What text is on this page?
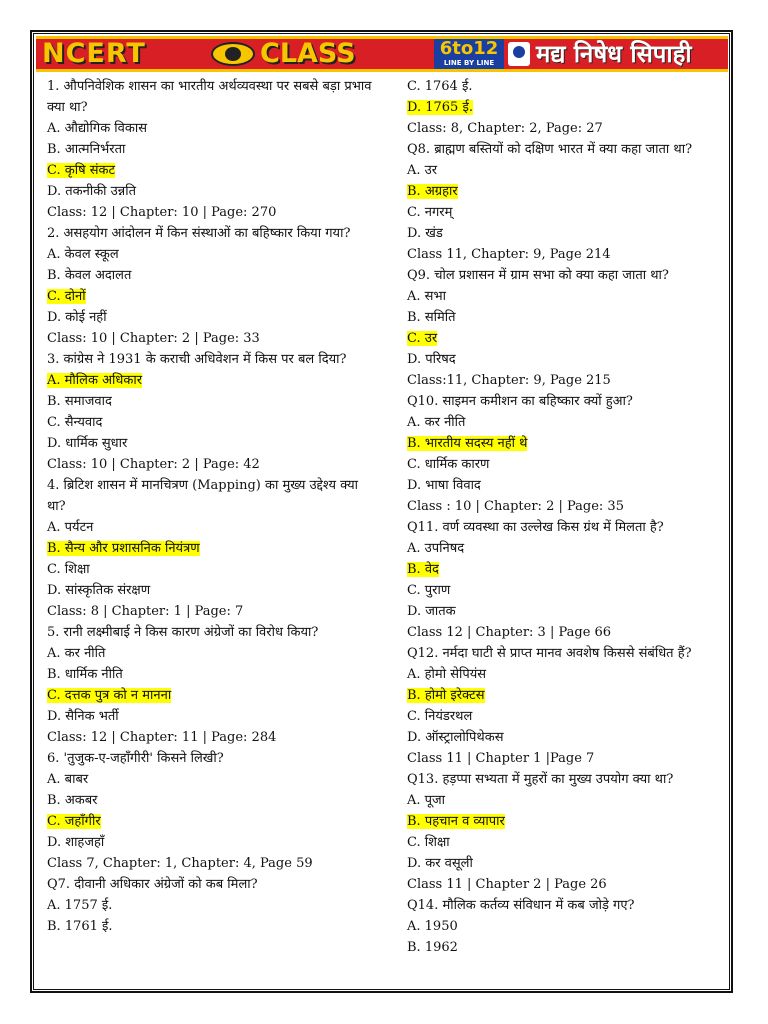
NCERT	CLASS	6to12
LINE BY LINE	मद्य निषेध सिपाही
1. औपनिवेशिक शासन का भारतीय अर्थव्यवस्था पर सबसे बड़ा प्रभाव क्या था?
A. औद्योगिक विकास
B. आत्मनिर्भरता
C. कृषि संकट
D. तकनीकी उन्नति
Class: 12 | Chapter: 10 | Page: 270
2. असहयोग आंदोलन में किन संस्थाओं का बहिष्कार किया गया?
A. केवल स्कूल
B. केवल अदालत
C. दोनों
D. कोई नहीं
Class: 10 | Chapter: 2 | Page: 33
3. कांग्रेस ने 1931 के कराची अधिवेशन में किस पर बल दिया?
A. मौलिक अधिकार
B. समाजवाद
C. सैन्यवाद
D. धार्मिक सुधार
Class: 10 | Chapter: 2 | Page: 42
4. ब्रिटिश शासन में मानचित्रण (Mapping) का मुख्य उद्देश्य क्या था?
A. पर्यटन
B. सैन्य और प्रशासनिक नियंत्रण
C. शिक्षा
D. सांस्कृतिक संरक्षण
Class: 8 | Chapter: 1 | Page: 7
5. रानी लक्ष्मीबाई ने किस कारण अंग्रेजों का विरोध किया?
A. कर नीति
B. धार्मिक नीति
C. दत्तक पुत्र को न मानना
D. सैनिक भर्ती
Class: 12 | Chapter: 11 | Page: 284
6. 'तुजुक-ए-जहाँगीरी' किसने लिखी?
A. बाबर
B. अकबर
C. जहाँगीर
D. शाहजहाँ
Class 7, Chapter: 1, Chapter: 4, Page 59
Q7. दीवानी अधिकार अंग्रेजों को कब मिला?
A. 1757 ई.
B. 1761 ई.
C. 1764 ई.
D. 1765 ई.
Class: 8, Chapter: 2, Page: 27
Q8. ब्राह्मण बस्तियों को दक्षिण भारत में क्या कहा जाता था?
A. उर
B. अग्रहार
C. नगरम्
D. खंड
Class 11, Chapter: 9, Page 214
Q9. चोल प्रशासन में ग्राम सभा को क्या कहा जाता था?
A. सभा
B. समिति
C. उर
D. परिषद
Class:11, Chapter: 9, Page 215
Q10. साइमन कमीशन का बहिष्कार क्यों हुआ?
A. कर नीति
B. भारतीय सदस्य नहीं थे
C. धार्मिक कारण
D. भाषा विवाद
Class : 10 | Chapter: 2 | Page: 35
Q11. वर्ण व्यवस्था का उल्लेख किस ग्रंथ में मिलता है?
A. उपनिषद
B. वेद
C. पुराण
D. जातक
Class 12 | Chapter: 3 | Page 66
Q12. नर्मदा घाटी से प्राप्त मानव अवशेष किससे संबंधित हैं?
A. होमो सेपियंस
B. होमो इरेक्टस
C. नियंडरथल
D. ऑस्ट्रालोपिथेकस
Class 11 | Chapter 1 |Page 7
Q13. हड़प्पा सभ्यता में मुहरों का मुख्य उपयोग क्या था?
A. पूजा
B. पहचान व व्यापार
C. शिक्षा
D. कर वसूली
Class 11 | Chapter 2 | Page 26
Q14. मौलिक कर्तव्य संविधान में कब जोड़े गए?
A. 1950
B. 1962
